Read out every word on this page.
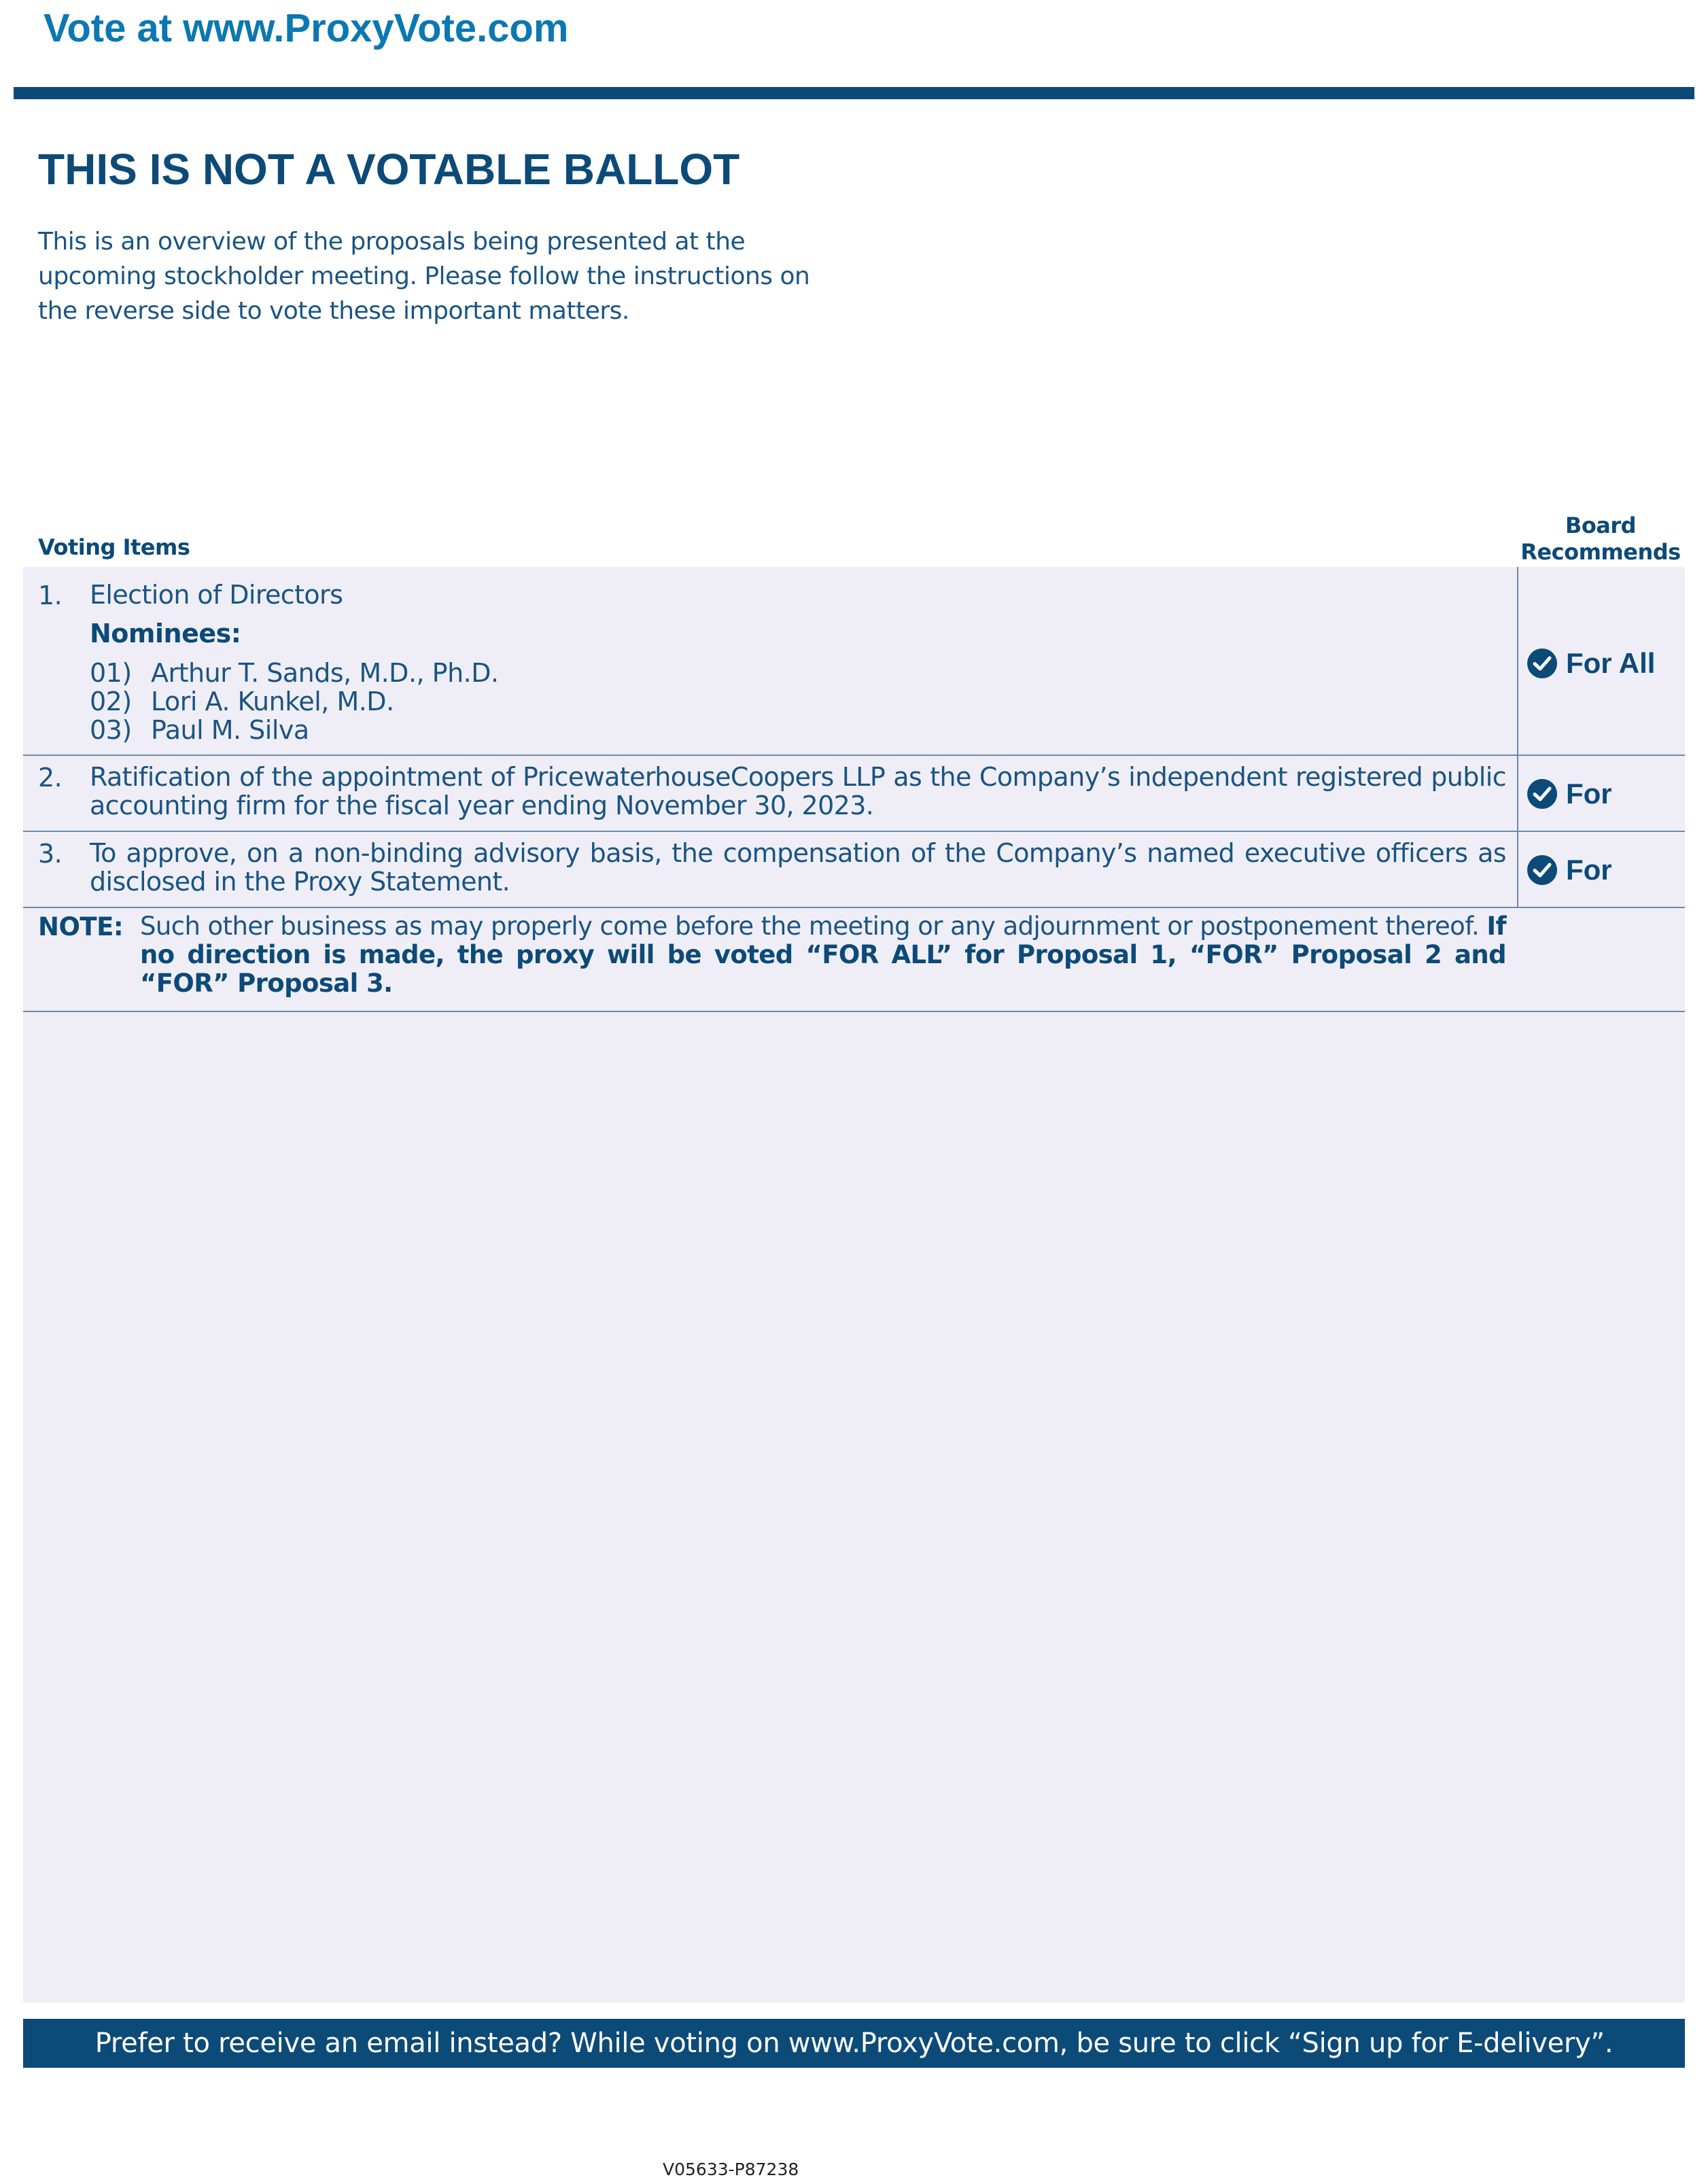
Vote at www.ProxyVote.com
THIS IS NOT A VOTABLE BALLOT

This is an overview of the proposals being presented at the
upcoming stockholder meeting. Please follow the instructions on
the reverse side to vote these important matters.

Voting Items
Board
Recommends
1. Election of Directors
Nominees:
01) Arthur T. Sands, M.D., Ph.D.
02) Lori A. Kunkel, M.D.
03) Paul M. Silva
For All
2. Ratification of the appointment of PricewaterhouseCoopers LLP as the Company’s independent registered public accounting firm for the fiscal year ending November 30, 2023.	For
3. To approve, on a non-binding advisory basis, the compensation of the Company’s named executive officers as disclosed in the Proxy Statement.	For
NOTE: Such other business as may properly come before the meeting or any adjournment or postponement thereof. If no direction is made, the proxy will be voted “FOR ALL” for Proposal 1, “FOR” Proposal 2 and “FOR” Proposal 3.

Prefer to receive an email instead? While voting on www.ProxyVote.com, be sure to click “Sign up for E-delivery”.
V05633-P87238
